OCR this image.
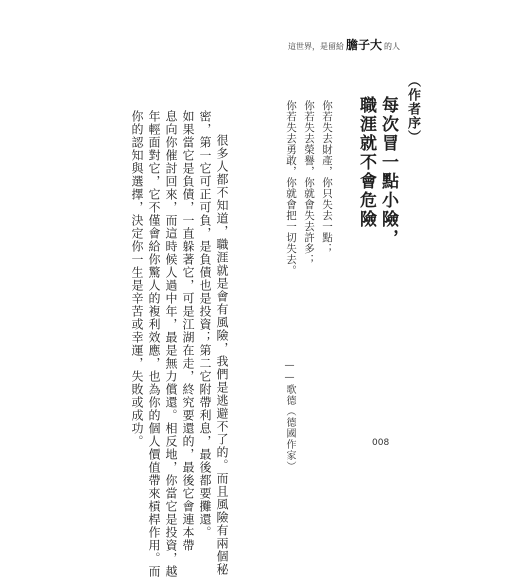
這世界，是留給 膽子大 的人
（作者序）
每次冒一點小險，
職涯就不會危險
你若失去財產，你只失去一點；
你若失去榮譽，你就會失去許多；
你若失去勇敢，你就會把一切失去。
——歌德（德國作家）
很多人都不知道，職涯就是會有風險，我們是逃避不了的。而且風險有兩個秘
密，第一它可正可負，是負債也是投資；第二它附帶利息，最後都要攤還。
如果當它是負債，一直躲著它，可是江湖在走，終究要還的，最後它會連本帶
息向你催討回來，而這時候人過中年，最是無力償還。相反地，你當它是投資，越
年輕面對它，它不僅會給你驚人的複利效應，也為你的個人價值帶來槓桿作用。而
你的認知與選擇，決定你一生是辛苦或幸運，失敗或成功。	008
